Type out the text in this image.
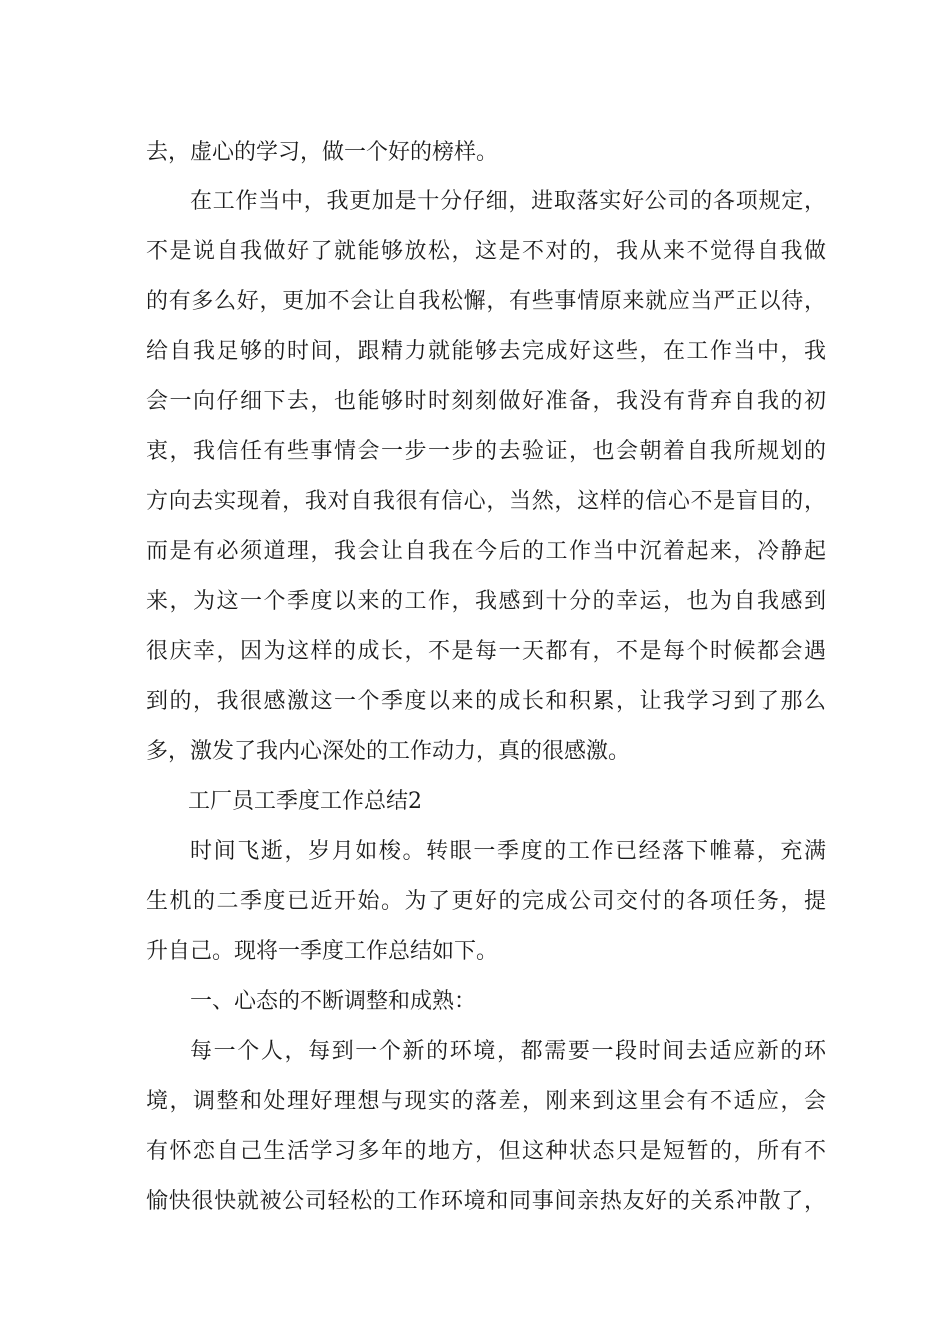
去，虚心的学习，做一个好的榜样。
在工作当中，我更加是十分仔细，进取落实好公司的各项规定，
不是说自我做好了就能够放松，这是不对的，我从来不觉得自我做
的有多么好，更加不会让自我松懈，有些事情原来就应当严正以待，
给自我足够的时间，跟精力就能够去完成好这些，在工作当中，我
会一向仔细下去，也能够时时刻刻做好准备，我没有背弃自我的初
衷，我信任有些事情会一步一步的去验证，也会朝着自我所规划的
方向去实现着，我对自我很有信心，当然，这样的信心不是盲目的，
而是有必须道理，我会让自我在今后的工作当中沉着起来，冷静起
来，为这一个季度以来的工作，我感到十分的幸运，也为自我感到
很庆幸，因为这样的成长，不是每一天都有，不是每个时候都会遇
到的，我很感激这一个季度以来的成长和积累，让我学习到了那么
多，激发了我内心深处的工作动力，真的很感激。
工厂员工季度工作总结2
时间飞逝，岁月如梭。转眼一季度的工作已经落下帷幕，充满
生机的二季度已近开始。为了更好的完成公司交付的各项任务，提
升自己。现将一季度工作总结如下。
一、心态的不断调整和成熟：
每一个人，每到一个新的环境，都需要一段时间去适应新的环
境，调整和处理好理想与现实的落差，刚来到这里会有不适应，会
有怀恋自己生活学习多年的地方，但这种状态只是短暂的，所有不
愉快很快就被公司轻松的工作环境和同事间亲热友好的关系冲散了，
